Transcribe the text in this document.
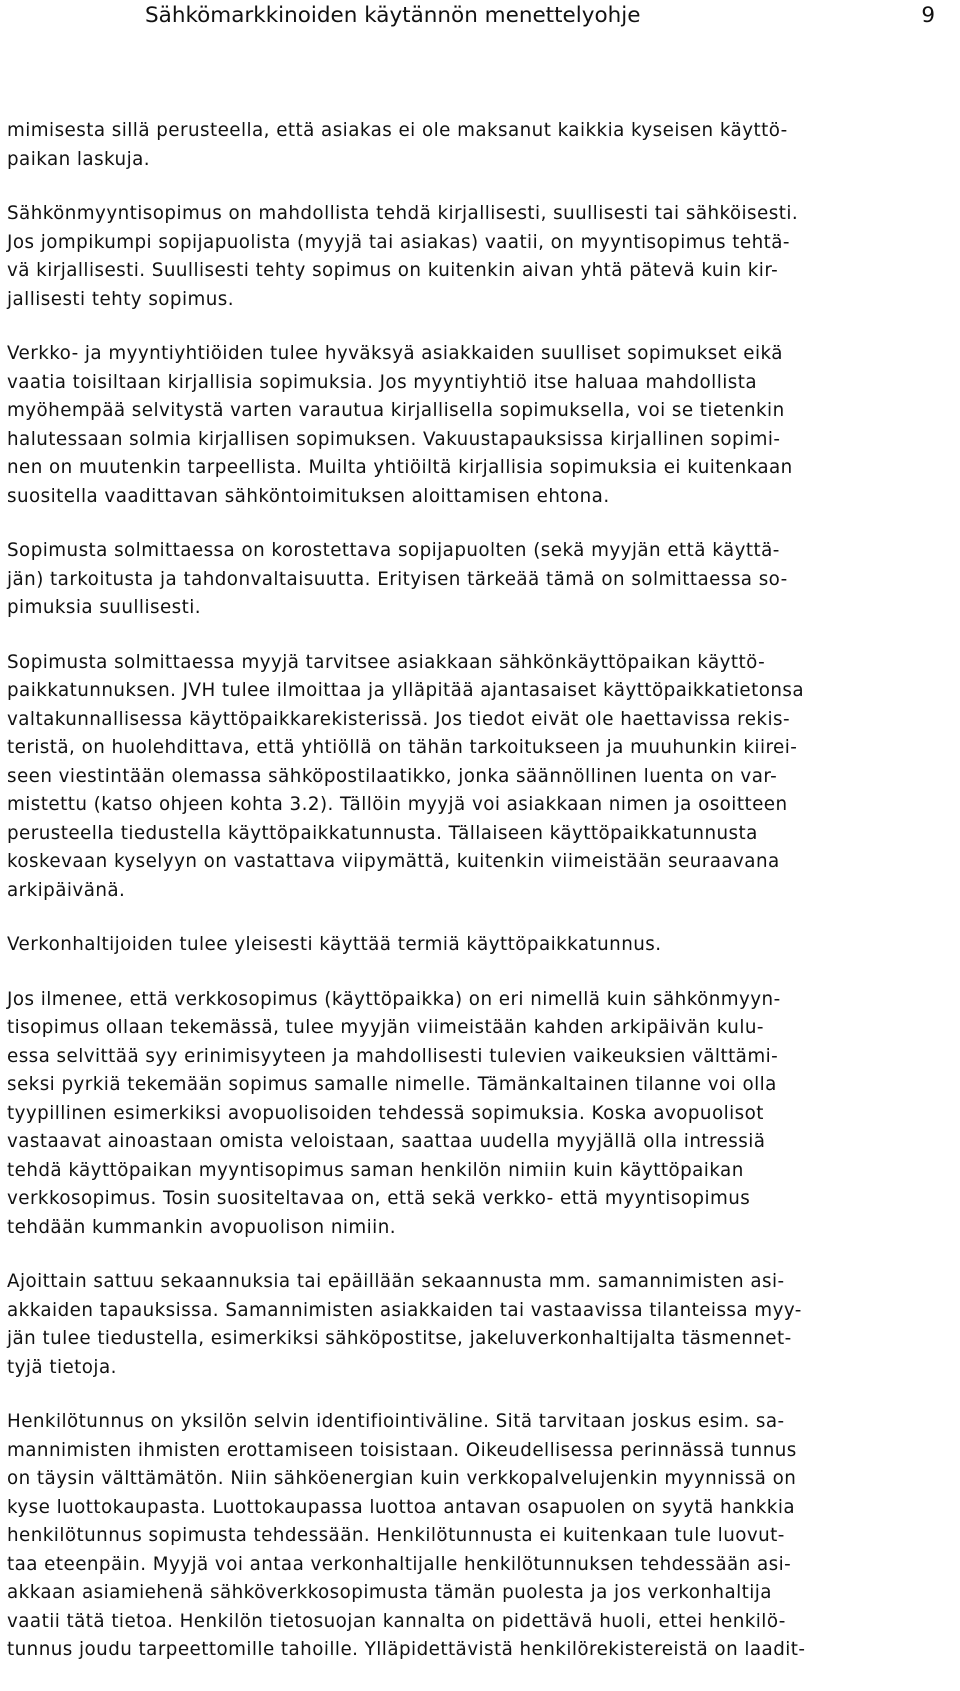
Sähkömarkkinoiden käytännön menettelyohje	9
mimisesta sillä perusteella, että asiakas ei ole maksanut kaikkia kyseisen käyttö-
paikan laskuja.
Sähkönmyyntisopimus on mahdollista tehdä kirjallisesti, suullisesti tai sähköisesti.
Jos jompikumpi sopijapuolista (myyjä tai asiakas) vaatii, on myyntisopimus tehtä-
vä kirjallisesti. Suullisesti tehty sopimus on kuitenkin aivan yhtä pätevä kuin kir-
jallisesti tehty sopimus.
Verkko- ja myyntiyhtiöiden tulee hyväksyä asiakkaiden suulliset sopimukset eikä
vaatia toisiltaan kirjallisia sopimuksia. Jos myyntiyhtiö itse haluaa mahdollista
myöhempää selvitystä varten varautua kirjallisella sopimuksella, voi se tietenkin
halutessaan solmia kirjallisen sopimuksen. Vakuustapauksissa kirjallinen sopimi-
nen on muutenkin tarpeellista. Muilta yhtiöiltä kirjallisia sopimuksia ei kuitenkaan
suositella vaadittavan sähköntoimituksen aloittamisen ehtona.
Sopimusta solmittaessa on korostettava sopijapuolten (sekä myyjän että käyttä-
jän) tarkoitusta ja tahdonvaltaisuutta. Erityisen tärkeää tämä on solmittaessa so-
pimuksia suullisesti.
Sopimusta solmittaessa myyjä tarvitsee asiakkaan sähkönkäyttöpaikan käyttö-
paikkatunnuksen. JVH tulee ilmoittaa ja ylläpitää ajantasaiset käyttöpaikkatietonsa
valtakunnallisessa käyttöpaikkarekisterissä. Jos tiedot eivät ole haettavissa rekis-
teristä, on huolehdittava, että yhtiöllä on tähän tarkoitukseen ja muuhunkin kiirei-
seen viestintään olemassa sähköpostilaatikko, jonka säännöllinen luenta on var-
mistettu (katso ohjeen kohta 3.2). Tällöin myyjä voi asiakkaan nimen ja osoitteen
perusteella tiedustella käyttöpaikkatunnusta. Tällaiseen käyttöpaikkatunnusta
koskevaan kyselyyn on vastattava viipymättä, kuitenkin viimeistään seuraavana
arkipäivänä.
Verkonhaltijoiden tulee yleisesti käyttää termiä käyttöpaikkatunnus.
Jos ilmenee, että verkkosopimus (käyttöpaikka) on eri nimellä kuin sähkönmyyn-
tisopimus ollaan tekemässä, tulee myyjän viimeistään kahden arkipäivän kulu-
essa selvittää syy erinimisyyteen ja mahdollisesti tulevien vaikeuksien välttämi-
seksi pyrkiä tekemään sopimus samalle nimelle. Tämänkaltainen tilanne voi olla
tyypillinen esimerkiksi avopuolisoiden tehdessä sopimuksia. Koska avopuolisot
vastaavat ainoastaan omista veloistaan, saattaa uudella myyjällä olla intressiä
tehdä käyttöpaikan myyntisopimus saman henkilön nimiin kuin käyttöpaikan
verkkosopimus. Tosin suositeltavaa on, että sekä verkko- että myyntisopimus
tehdään kummankin avopuolison nimiin.
Ajoittain sattuu sekaannuksia tai epäillään sekaannusta mm. samannimisten asi-
akkaiden tapauksissa. Samannimisten asiakkaiden tai vastaavissa tilanteissa myy-
jän tulee tiedustella, esimerkiksi sähköpostitse, jakeluverkonhaltijalta täsmennet-
tyjä tietoja.
Henkilötunnus on yksilön selvin identifiointiväline. Sitä tarvitaan joskus esim. sa-
mannimisten ihmisten erottamiseen toisistaan. Oikeudellisessa perinnässä tunnus
on täysin välttämätön. Niin sähköenergian kuin verkkopalvelujenkin myynnissä on
kyse luottokaupasta. Luottokaupassa luottoa antavan osapuolen on syytä hankkia
henkilötunnus sopimusta tehdessään. Henkilötunnusta ei kuitenkaan tule luovut-
taa eteenpäin. Myyjä voi antaa verkonhaltijalle henkilötunnuksen tehdessään asi-
akkaan asiamiehenä sähköverkkosopimusta tämän puolesta ja jos verkonhaltija
vaatii tätä tietoa. Henkilön tietosuojan kannalta on pidettävä huoli, ettei henkilö-
tunnus joudu tarpeettomille tahoille. Ylläpidettävistä henkilörekistereistä on laadit-
